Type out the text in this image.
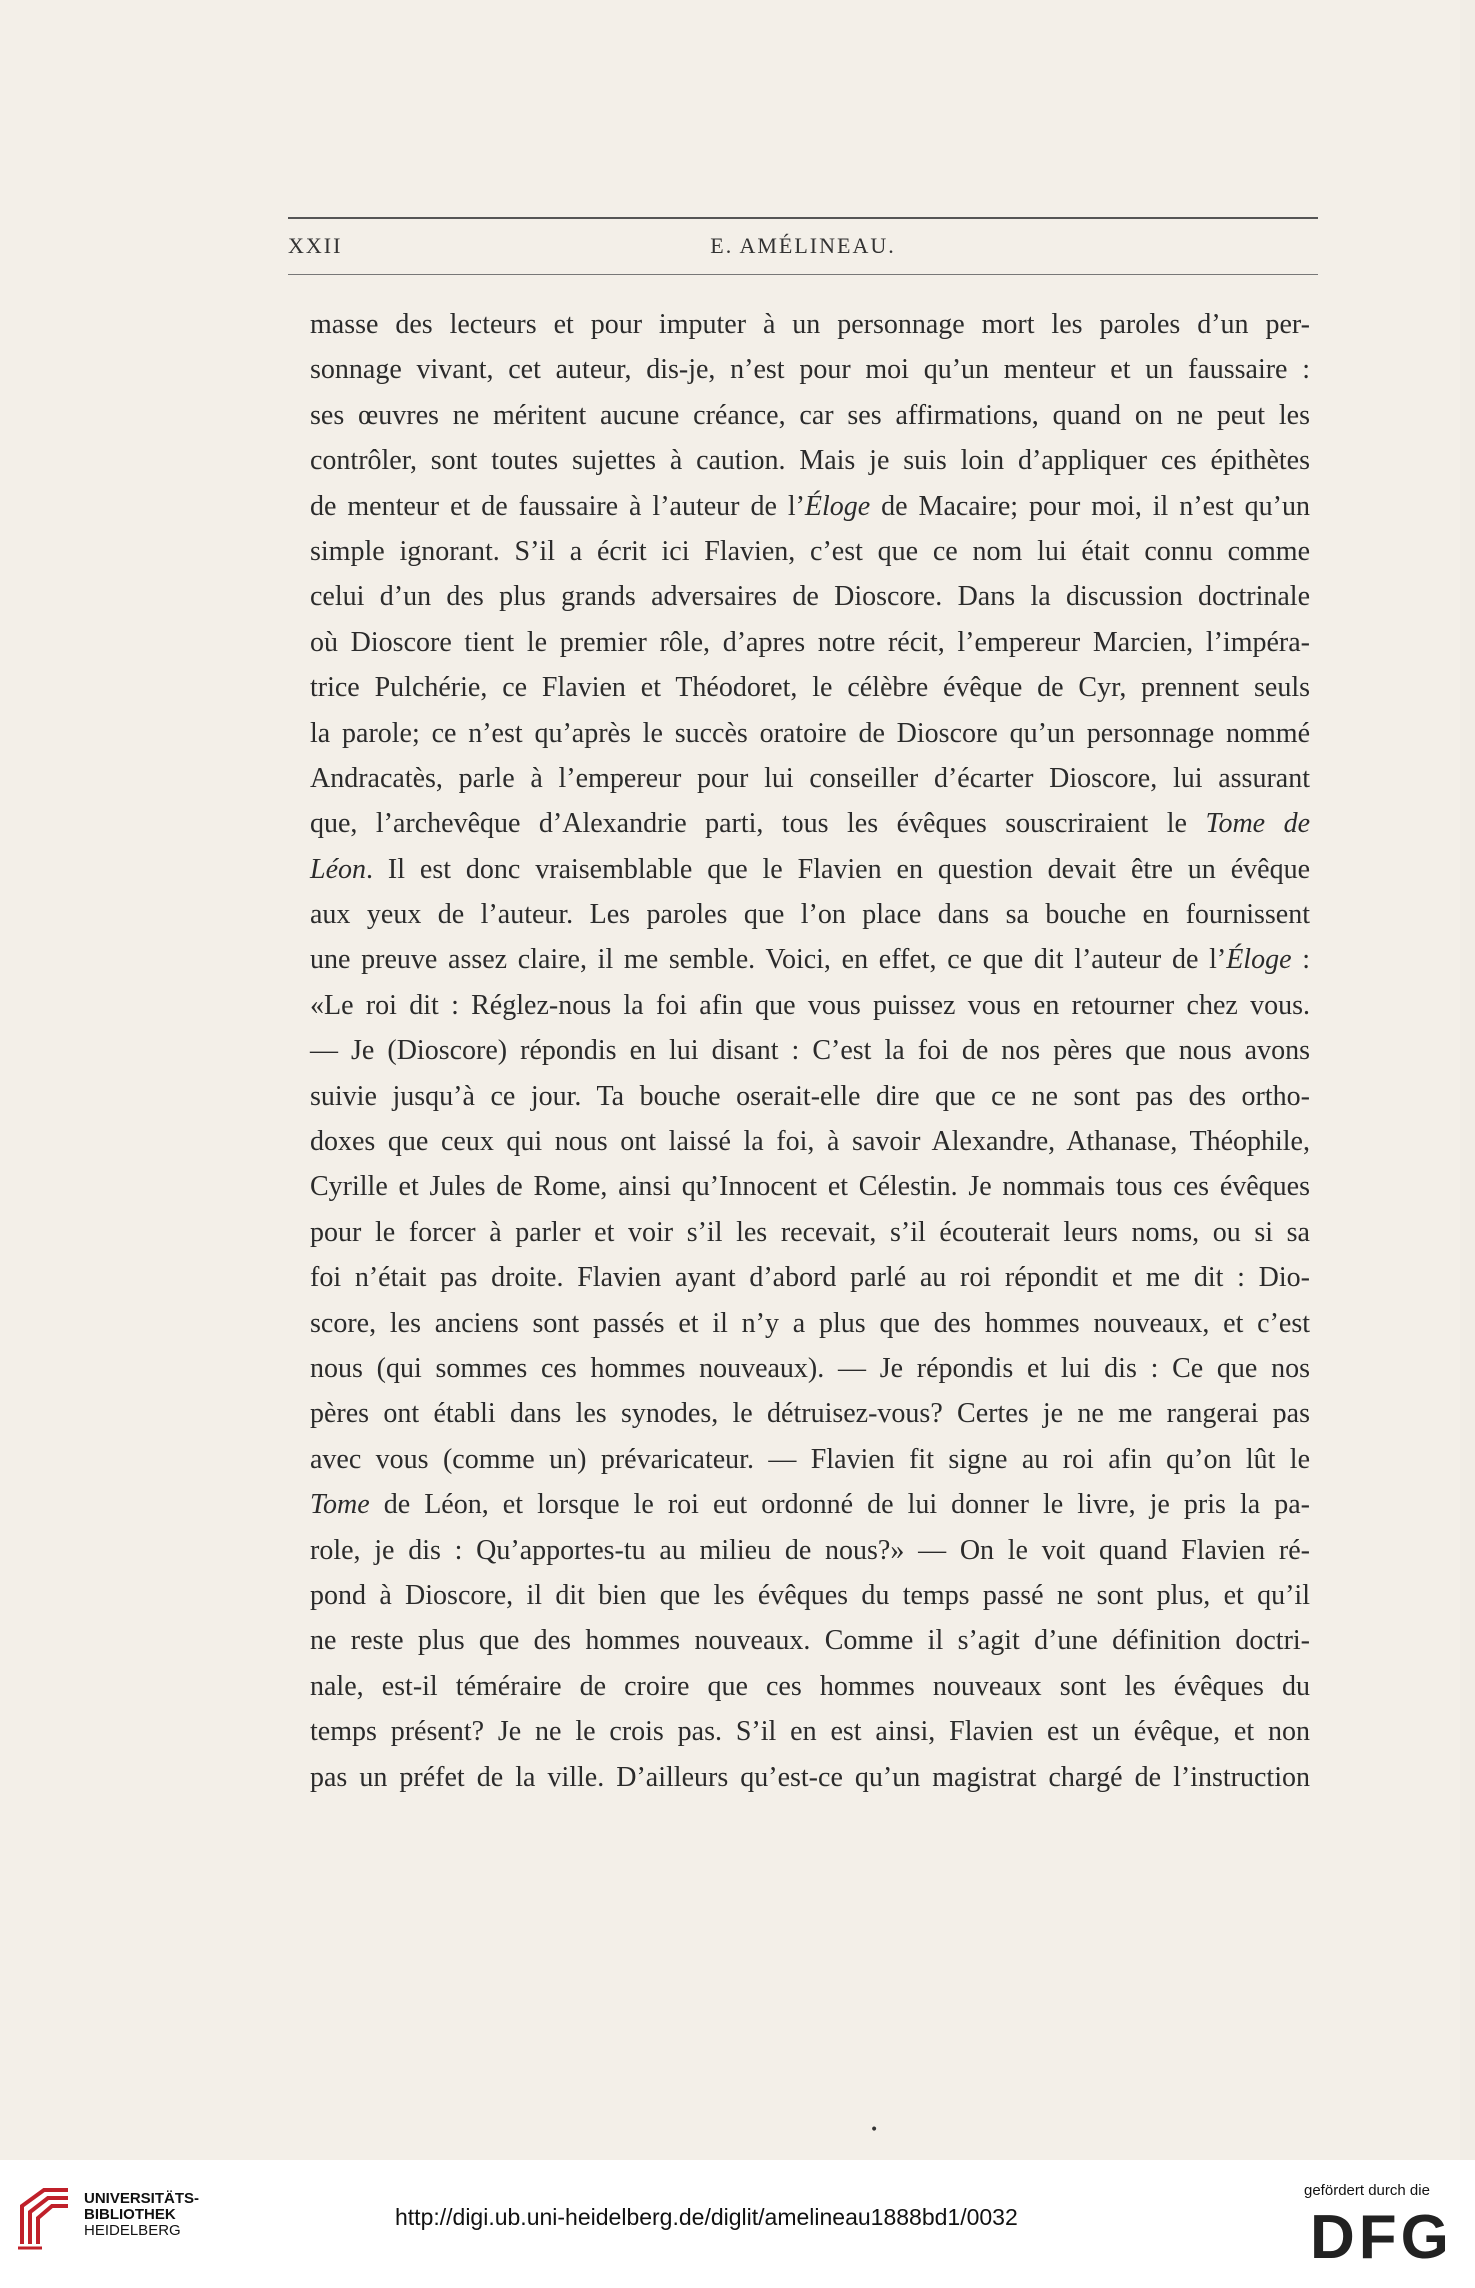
XXII	E. AMÉLINEAU.
masse des lecteurs et pour imputer à un personnage mort les paroles d’un per-
sonnage vivant, cet auteur, dis-je, n’est pour moi qu’un menteur et un faussaire :
ses œuvres ne méritent aucune créance, car ses affirmations, quand on ne peut les
contrôler, sont toutes sujettes à caution. Mais je suis loin d’appliquer ces épithètes
de menteur et de faussaire à l’auteur de l’Éloge de Macaire; pour moi, il n’est qu’un
simple ignorant. S’il a écrit ici Flavien, c’est que ce nom lui était connu comme
celui d’un des plus grands adversaires de Dioscore. Dans la discussion doctrinale
où Dioscore tient le premier rôle, d’apres notre récit, l’empereur Marcien, l’impéra-
trice Pulchérie, ce Flavien et Théodoret, le célèbre évêque de Cyr, prennent seuls
la parole; ce n’est qu’après le succès oratoire de Dioscore qu’un personnage nommé
Andracatès, parle à l’empereur pour lui conseiller d’écarter Dioscore, lui assurant
que, l’archevêque d’Alexandrie parti, tous les évêques souscriraient le Tome de
Léon. Il est donc vraisemblable que le Flavien en question devait être un évêque
aux yeux de l’auteur. Les paroles que l’on place dans sa bouche en fournissent
une preuve assez claire, il me semble. Voici, en effet, ce que dit l’auteur de l’Éloge :
«Le roi dit : Réglez-nous la foi afin que vous puissez vous en retourner chez vous.
— Je (Dioscore) répondis en lui disant : C’est la foi de nos pères que nous avons
suivie jusqu’à ce jour. Ta bouche oserait-elle dire que ce ne sont pas des ortho-
doxes que ceux qui nous ont laissé la foi, à savoir Alexandre, Athanase, Théophile,
Cyrille et Jules de Rome, ainsi qu’Innocent et Célestin. Je nommais tous ces évêques
pour le forcer à parler et voir s’il les recevait, s’il écouterait leurs noms, ou si sa
foi n’était pas droite. Flavien ayant d’abord parlé au roi répondit et me dit : Dio-
score, les anciens sont passés et il n’y a plus que des hommes nouveaux, et c’est
nous (qui sommes ces hommes nouveaux). — Je répondis et lui dis : Ce que nos
pères ont établi dans les synodes, le détruisez-vous? Certes je ne me rangerai pas
avec vous (comme un) prévaricateur. — Flavien fit signe au roi afin qu’on lût le
Tome de Léon, et lorsque le roi eut ordonné de lui donner le livre, je pris la pa-
role, je dis : Qu’apportes-tu au milieu de nous?» — On le voit quand Flavien ré-
pond à Dioscore, il dit bien que les évêques du temps passé ne sont plus, et qu’il
ne reste plus que des hommes nouveaux. Comme il s’agit d’une définition doctri-
nale, est-il téméraire de croire que ces hommes nouveaux sont les évêques du
temps présent? Je ne le crois pas. S’il en est ainsi, Flavien est un évêque, et non
pas un préfet de la ville. D’ailleurs qu’est-ce qu’un magistrat chargé de l’instruction
•
UNIVERSITÄTS-
BIBLIOTHEK
HEIDELBERG
http://digi.ub.uni-heidelberg.de/diglit/amelineau1888bd1/0032
gefördert durch die
DFG
